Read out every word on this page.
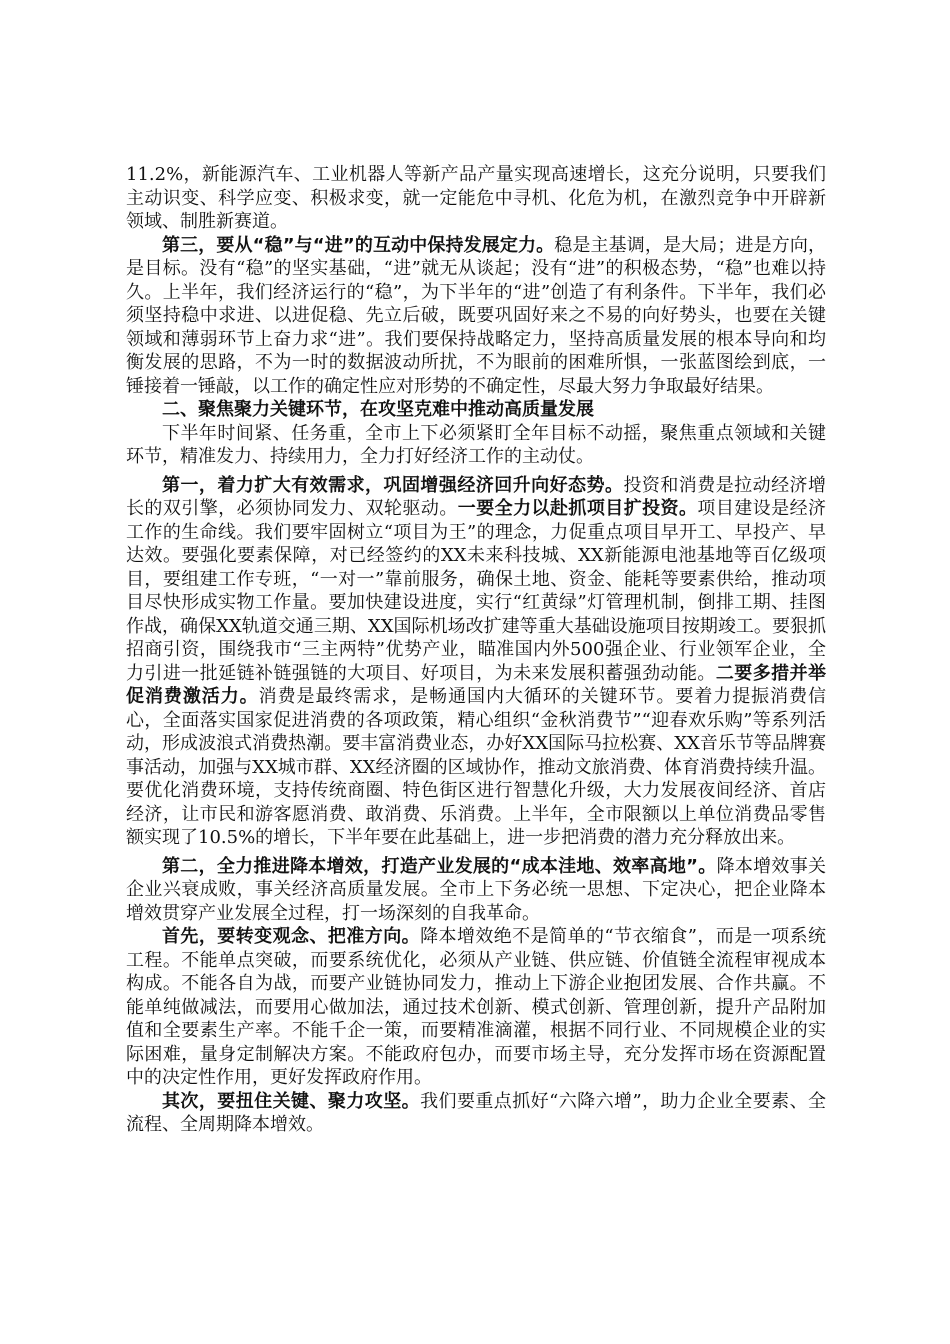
11.2%，新能源汽车、工业机器人等新产品产量实现高速增长，这充分说明，只要我们主动识变、科学应变、积极求变，就一定能危中寻机、化危为机，在激烈竞争中开辟新领域、制胜新赛道。

第三，要从“稳”与“进”的互动中保持发展定力。稳是主基调，是大局；进是方向，是目标。没有“稳”的坚实基础，“进”就无从谈起；没有“进”的积极态势，“稳”也难以持久。上半年，我们经济运行的“稳”，为下半年的“进”创造了有利条件。下半年，我们必须坚持稳中求进、以进促稳、先立后破，既要巩固好来之不易的向好势头，也要在关键领域和薄弱环节上奋力求“进”。我们要保持战略定力，坚持高质量发展的根本导向和均衡发展的思路，不为一时的数据波动所扰，不为眼前的困难所惧，一张蓝图绘到底，一锤接着一锤敲，以工作的确定性应对形势的不确定性，尽最大努力争取最好结果。

二、聚焦聚力关键环节，在攻坚克难中推动高质量发展

下半年时间紧、任务重，全市上下必须紧盯全年目标不动摇，聚焦重点领域和关键环节，精准发力、持续用力，全力打好经济工作的主动仗。

第一，着力扩大有效需求，巩固增强经济回升向好态势。投资和消费是拉动经济增长的双引擎，必须协同发力、双轮驱动。一要全力以赴抓项目扩投资。项目建设是经济工作的生命线。我们要牢固树立“项目为王”的理念，力促重点项目早开工、早投产、早达效。要强化要素保障，对已经签约的XX未来科技城、XX新能源电池基地等百亿级项目，要组建工作专班，“一对一”靠前服务，确保土地、资金、能耗等要素供给，推动项目尽快形成实物工作量。要加快建设进度，实行“红黄绿”灯管理机制，倒排工期、挂图作战，确保XX轨道交通三期、XX国际机场改扩建等重大基础设施项目按期竣工。要狠抓招商引资，围绕我市“三主两特”优势产业，瞄准国内外500强企业、行业领军企业，全力引进一批延链补链强链的大项目、好项目，为未来发展积蓄强劲动能。二要多措并举促消费激活力。消费是最终需求，是畅通国内大循环的关键环节。要着力提振消费信心，全面落实国家促进消费的各项政策，精心组织“金秋消费节”“迎春欢乐购”等系列活动，形成波浪式消费热潮。要丰富消费业态，办好XX国际马拉松赛、XX音乐节等品牌赛事活动，加强与XX城市群、XX经济圈的区域协作，推动文旅消费、体育消费持续升温。要优化消费环境，支持传统商圈、特色街区进行智慧化升级，大力发展夜间经济、首店经济，让市民和游客愿消费、敢消费、乐消费。上半年，全市限额以上单位消费品零售额实现了10.5%的增长，下半年要在此基础上，进一步把消费的潜力充分释放出来。

第二，全力推进降本增效，打造产业发展的“成本洼地、效率高地”。降本增效事关企业兴衰成败，事关经济高质量发展。全市上下务必统一思想、下定决心，把企业降本增效贯穿产业发展全过程，打一场深刻的自我革命。

首先，要转变观念、把准方向。降本增效绝不是简单的“节衣缩食”，而是一项系统工程。不能单点突破，而要系统优化，必须从产业链、供应链、价值链全流程审视成本构成。不能各自为战，而要产业链协同发力，推动上下游企业抱团发展、合作共赢。不能单纯做减法，而要用心做加法，通过技术创新、模式创新、管理创新，提升产品附加值和全要素生产率。不能千企一策，而要精准滴灌，根据不同行业、不同规模企业的实际困难，量身定制解决方案。不能政府包办，而要市场主导，充分发挥市场在资源配置中的决定性作用，更好发挥政府作用。

其次，要扭住关键、聚力攻坚。我们要重点抓好“六降六增”，助力企业全要素、全流程、全周期降本增效。
